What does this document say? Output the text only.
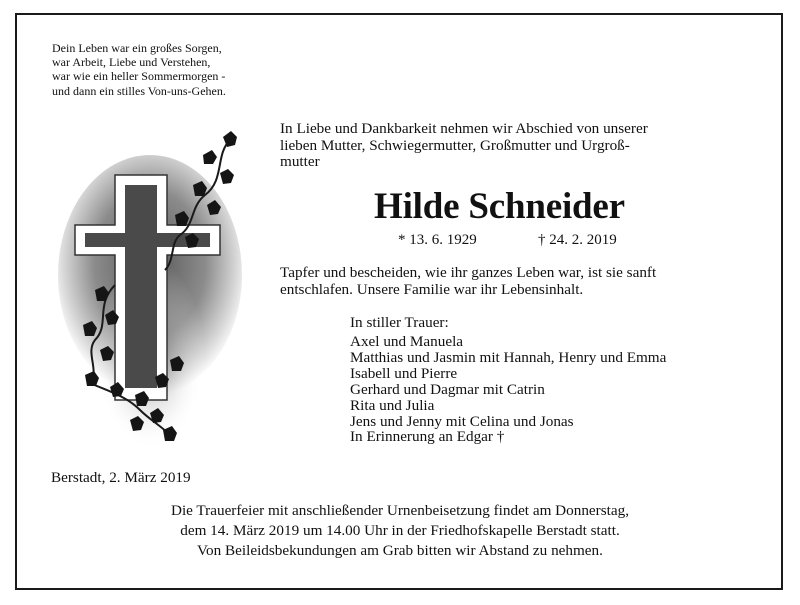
Dein Leben war ein großes Sorgen,
war Arbeit, Liebe und Verstehen,
war wie ein heller Sommermorgen -
und dann ein stilles Von-uns-Gehen.
In Liebe und Dankbarkeit nehmen wir Abschied von unserer
lieben Mutter, Schwiegermutter, Großmutter und Urgroß-
mutter
Hilde Schneider
* 13. 6. 1929	† 24. 2. 2019
Tapfer und bescheiden, wie ihr ganzes Leben war, ist sie sanft
entschlafen. Unsere Familie war ihr Lebensinhalt.
In stiller Trauer:
Axel und Manuela
Matthias und Jasmin mit Hannah, Henry und Emma
Isabell und Pierre
Gerhard und Dagmar mit Catrin
Rita und Julia
Jens und Jenny mit Celina und Jonas
In Erinnerung an Edgar †
Berstadt, 2. März 2019
Die Trauerfeier mit anschließender Urnenbeisetzung findet am Donnerstag,
dem 14. März 2019 um 14.00 Uhr in der Friedhofskapelle Berstadt statt.
Von Beileidsbekundungen am Grab bitten wir Abstand zu nehmen.
